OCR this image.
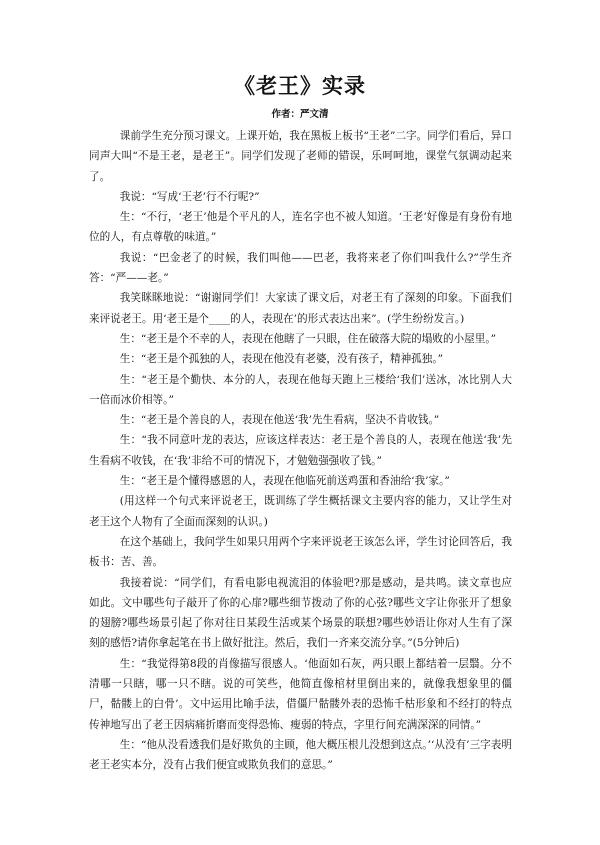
《老王》实录
作者：严文清

课前学生充分预习课文。上课开始，我在黑板上板书“王老”二字。同学们看后，异口同声大叫“不是王老，是老王”。同学们发现了老师的错误，乐呵呵地，课堂气氛调动起来了。

我说：“写成‘王老’行不行呢?”

生：“不行，‘老王’他是个平凡的人，连名字也不被人知道。‘王老’好像是有身份有地位的人，有点尊敬的味道。”

我说：“巴金老了的时候，我们叫他——巴老，我将来老了你们叫我什么?”学生齐答：“严——老。”

我笑眯眯地说：“谢谢同学们！大家读了课文后，对老王有了深刻的印象。下面我们来评说老王。用‘老王是个____的人，表现在’的形式表达出来”。(学生纷纷发言。)

生：“老王是个不幸的人，表现在他瞎了一只眼，住在破落大院的塌败的小屋里。”

生：“老王是个孤独的人，表现在他没有老婆，没有孩子，精神孤独。”

生：“老王是个勤快、本分的人，表现在他每天跑上三楼给‘我们’送冰，冰比别人大一倍而冰价相等。”

生：“老王是个善良的人，表现在他送‘我’先生看病，坚决不肯收钱。”

生：“我不同意叶龙的表达，应该这样表达：老王是个善良的人，表现在他送‘我’先生看病不收钱，在‘我’非给不可的情况下，才勉勉强强收了钱。”

生：“老王是个懂得感恩的人，表现在他临死前送鸡蛋和香油给‘我’家。”

(用这样一个句式来评说老王，既训练了学生概括课文主要内容的能力，又让学生对老王这个人物有了全面而深刻的认识。)

在这个基础上，我问学生如果只用两个字来评说老王该怎么评，学生讨论回答后，我板书：苦、善。

我接着说：“同学们，有看电影电视流泪的体验吧?那是感动，是共鸣。读文章也应如此。文中哪些句子敲开了你的心扉?哪些细节拨动了你的心弦?哪些文字让你张开了想象的翅膀?哪些场景引起了你对往日某段生活或某个场景的联想?哪些妙语让你对人生有了深刻的感悟?请你拿起笔在书上做好批注。然后，我们一齐来交流分享。”(5分钟后)

生：“我觉得第8段的肖像描写很感人。‘他面如石灰，两只眼上都结着一层翳。分不清哪一只瞎，哪一只不瞎。说的可笑些，他简直像棺材里倒出来的，就像我想象里的僵尸，骷髅上的白骨’。文中运用比喻手法，借僵尸骷髅外表的恐怖千枯形象和不经打的特点传神地写出了老王因病痛折磨而变得恐怖、瘦弱的特点，字里行间充满深深的同情。”

生：“他从没看透我们是好欺负的主顾，他大概压根儿没想到这点。’‘从没有’三字表明老王老实本分，没有占我们便宜或欺负我们的意思。”
